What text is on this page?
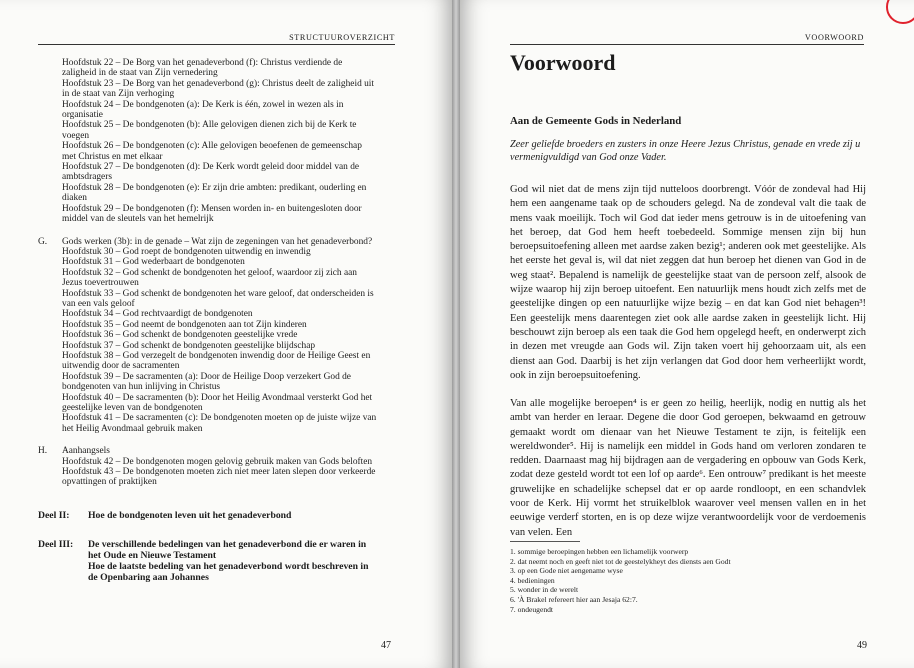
STRUCTUUROVERZICHT
Hoofdstuk 22 – De Borg van het genadeverbond (f): Christus verdiende de zaligheid in de staat van Zijn vernedering
Hoofdstuk 23 – De Borg van het genadeverbond (g): Christus deelt de zaligheid uit in de staat van Zijn verhoging
Hoofdstuk 24 – De bondgenoten (a): De Kerk is één, zowel in wezen als in organisatie
Hoofdstuk 25 – De bondgenoten (b): Alle gelovigen dienen zich bij de Kerk te voegen
Hoofdstuk 26 – De bondgenoten (c): Alle gelovigen beoefenen de gemeenschap met Christus en met elkaar
Hoofdstuk 27 – De bondgenoten (d): De Kerk wordt geleid door middel van de ambtsdragers
Hoofdstuk 28 – De bondgenoten (e): Er zijn drie ambten: predikant, ouderling en diaken
Hoofdstuk 29 – De bondgenoten (f): Mensen worden in- en buitengesloten door middel van de sleutels van het hemelrijk
G.	Gods werken (3b): in de genade – Wat zijn de zegeningen van het genadeverbond?
Hoofdstuk 30 – God roept de bondgenoten uitwendig en inwendig
Hoofdstuk 31 – God wederbaart de bondgenoten
Hoofdstuk 32 – God schenkt de bondgenoten het geloof, waardoor zij zich aan Jezus toevertrouwen
Hoofdstuk 33 – God schenkt de bondgenoten het ware geloof, dat onderscheiden is van een vals geloof
Hoofdstuk 34 – God rechtvaardigt de bondgenoten
Hoofdstuk 35 – God neemt de bondgenoten aan tot Zijn kinderen
Hoofdstuk 36 – God schenkt de bondgenoten geestelijke vrede
Hoofdstuk 37 – God schenkt de bondgenoten geestelijke blijdschap
Hoofdstuk 38 – God verzegelt de bondgenoten inwendig door de Heilige Geest en uitwendig door de sacramenten
Hoofdstuk 39 – De sacramenten (a): Door de Heilige Doop verzekert God de bondgenoten van hun inlijving in Christus
Hoofdstuk 40 – De sacramenten (b): Door het Heilig Avondmaal versterkt God het geestelijke leven van de bondgenoten
Hoofdstuk 41 – De sacramenten (c): De bondgenoten moeten op de juiste wijze van het Heilig Avondmaal gebruik maken
H.	Aanhangsels
Hoofdstuk 42 – De bondgenoten mogen gelovig gebruik maken van Gods beloften
Hoofdstuk 43 – De bondgenoten moeten zich niet meer laten slepen door verkeerde opvattingen of praktijken
Deel II:	Hoe de bondgenoten leven uit het genadeverbond
Deel III:	De verschillende bedelingen van het genadeverbond die er waren in het Oude en Nieuwe Testament
Hoe de laatste bedeling van het genadeverbond wordt beschreven in de Openbaring aan Johannes
47
VOORWOORD
Voorwoord
Aan de Gemeente Gods in Nederland
Zeer geliefde broeders en zusters in onze Heere Jezus Christus, genade en vrede zij u vermenigvuldigd van God onze Vader.
God wil niet dat de mens zijn tijd nutteloos doorbrengt. Vóór de zondeval had Hij hem een aangename taak op de schouders gelegd. Na de zondeval valt die taak de mens vaak moeilijk. Toch wil God dat ieder mens getrouw is in de uitoefening van het beroep, dat God hem heeft toebedeeld. Sommige mensen zijn bij hun beroepsuitoefening alleen met aardse zaken bezig¹; anderen ook met geestelijke. Als het eerste het geval is, wil dat niet zeggen dat hun beroep het dienen van God in de weg staat². Bepalend is namelijk de geestelijke staat van de persoon zelf, alsook de wijze waarop hij zijn beroep uitoefent. Een natuurlijk mens houdt zich zelfs met de geestelijke dingen op een natuurlijke wijze bezig – en dat kan God niet behagen³! Een geestelijk mens daarentegen ziet ook alle aardse zaken in geestelijk licht. Hij beschouwt zijn beroep als een taak die God hem opgelegd heeft, en onderwerpt zich in dezen met vreugde aan Gods wil. Zijn taken voert hij gehoorzaam uit, als een dienst aan God. Daarbij is het zijn verlangen dat God door hem verheerlijkt wordt, ook in zijn beroepsuitoefening.
Van alle mogelijke beroepen⁴ is er geen zo heilig, heerlijk, nodig en nuttig als het ambt van herder en leraar. Degene die door God geroepen, bekwaamd en getrouw gemaakt wordt om dienaar van het Nieuwe Testament te zijn, is feitelijk een wereldwonder⁵. Hij is namelijk een middel in Gods hand om verloren zondaren te redden. Daarnaast mag hij bijdragen aan de vergadering en opbouw van Gods Kerk, zodat deze gesteld wordt tot een lof op aarde⁶. Een ontrouw⁷ predikant is het meeste gruwelijke en schadelijke schepsel dat er op aarde rondloopt, en een schandvlek voor de Kerk. Hij vormt het struikelblok waarover veel mensen vallen en in het eeuwige verderf storten, en is op deze wijze verantwoordelijk voor de verdoemenis van velen. Een
1. sommige beroepingen hebben een lichamelijk voorwerp
2. dat neemt noch en geeft niet tot de geestelykheyt des diensts aen Godt
3. op een Gode niet aengename wyse
4. bedieningen
5. wonder in de werelt
6. 'À Brakel refereert hier aan Jesaja 62:7.
7. ondeugendt
49
